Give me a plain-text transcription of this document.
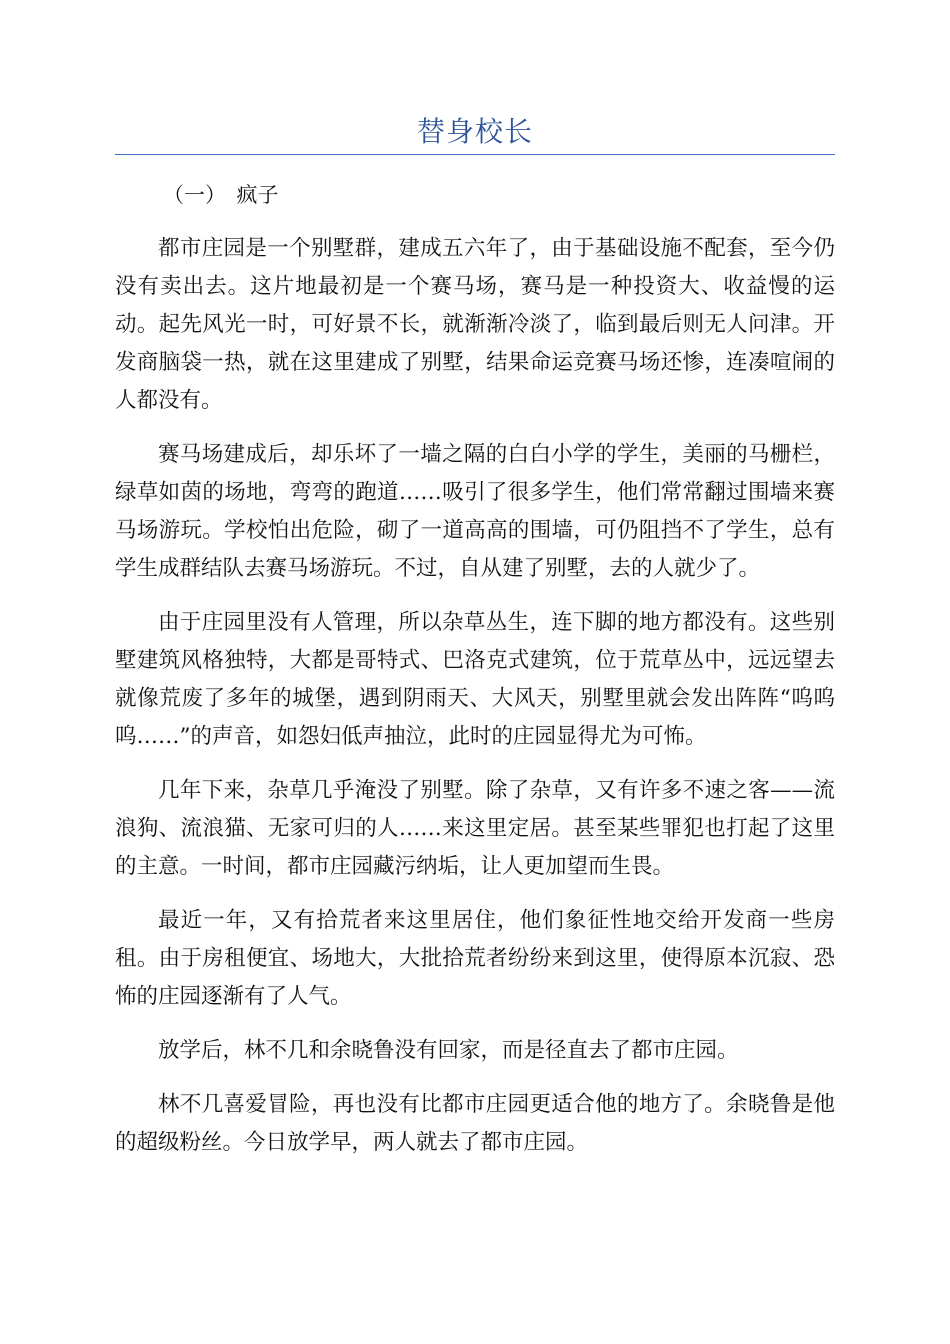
替身校长
（一）　疯子

都市庄园是一个别墅群，建成五六年了，由于基础设施不配套，至今仍没有卖出去。这片地最初是一个赛马场，赛马是一种投资大、收益慢的运动。起先风光一时，可好景不长，就渐渐冷淡了，临到最后则无人问津。开发商脑袋一热，就在这里建成了别墅，结果命运竞赛马场还惨，连凑喧闹的人都没有。

赛马场建成后，却乐坏了一墙之隔的白白小学的学生，美丽的马栅栏，绿草如茵的场地，弯弯的跑道……吸引了很多学生，他们常常翻过围墙来赛马场游玩。学校怕出危险，砌了一道高高的围墙，可仍阻挡不了学生，总有学生成群结队去赛马场游玩。不过，自从建了别墅，去的人就少了。

由于庄园里没有人管理，所以杂草丛生，连下脚的地方都没有。这些别墅建筑风格独特，大都是哥特式、巴洛克式建筑，位于荒草丛中，远远望去就像荒废了多年的城堡，遇到阴雨天、大风天，别墅里就会发出阵阵“呜呜呜……”的声音，如怨妇低声抽泣，此时的庄园显得尤为可怖。

几年下来，杂草几乎淹没了别墅。除了杂草，又有许多不速之客——流浪狗、流浪猫、无家可归的人……来这里定居。甚至某些罪犯也打起了这里的主意。一时间，都市庄园藏污纳垢，让人更加望而生畏。

最近一年，又有拾荒者来这里居住，他们象征性地交给开发商一些房租。由于房租便宜、场地大，大批拾荒者纷纷来到这里，使得原本沉寂、恐怖的庄园逐渐有了人气。

放学后，林不几和余晓鲁没有回家，而是径直去了都市庄园。

林不几喜爱冒险，再也没有比都市庄园更适合他的地方了。余晓鲁是他的超级粉丝。今日放学早，两人就去了都市庄园。
